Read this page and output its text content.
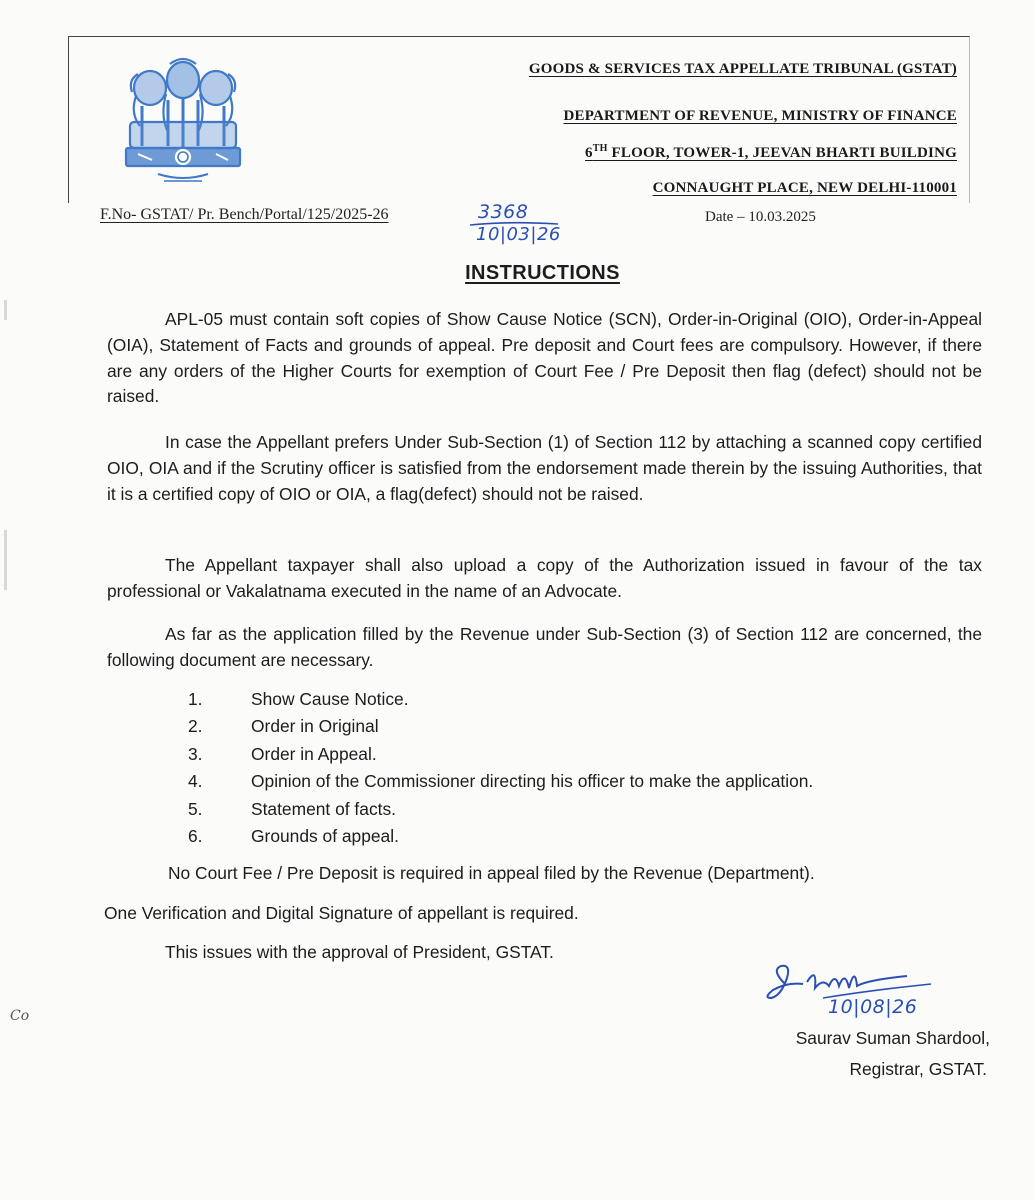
GOODS & SERVICES TAX APPELLATE TRIBUNAL (GSTAT)
DEPARTMENT OF REVENUE, MINISTRY OF FINANCE
6TH FLOOR, TOWER-1, JEEVAN BHARTI BUILDING
CONNAUGHT PLACE, NEW DELHI-110001
F.No- GSTAT/ Pr. Bench/Portal/125/2025-26	3368
10|03|26
Date – 10.03.2025
INSTRUCTIONS
APL-05 must contain soft copies of Show Cause Notice (SCN), Order-in-Original (OIO), Order-in-Appeal (OIA), Statement of Facts and grounds of appeal. Pre deposit and Court fees are compulsory. However, if there are any orders of the Higher Courts for exemption of Court Fee / Pre Deposit then flag (defect) should not be raised.
In case the Appellant prefers Under Sub-Section (1) of Section 112 by attaching a scanned copy certified OIO, OIA and if the Scrutiny officer is satisfied from the endorsement made therein by the issuing Authorities, that it is a certified copy of OIO or OIA, a flag(defect) should not be raised.
The Appellant taxpayer shall also upload a copy of the Authorization issued in favour of the tax professional or Vakalatnama executed in the name of an Advocate.
As far as the application filled by the Revenue under Sub-Section (3) of Section 112 are concerned, the following document are necessary.
1.	Show Cause Notice.
2.	Order in Original
3.	Order in Appeal.
4.	Opinion of the Commissioner directing his officer to make the application.
5.	Statement of facts.
6.	Grounds of appeal.
No Court Fee / Pre Deposit is required in appeal filed by the Revenue (Department).
One Verification and Digital Signature of appellant is required.
This issues with the approval of President, GSTAT.
10|08|26
Saurav Suman Shardool,
Registrar, GSTAT.
Co
